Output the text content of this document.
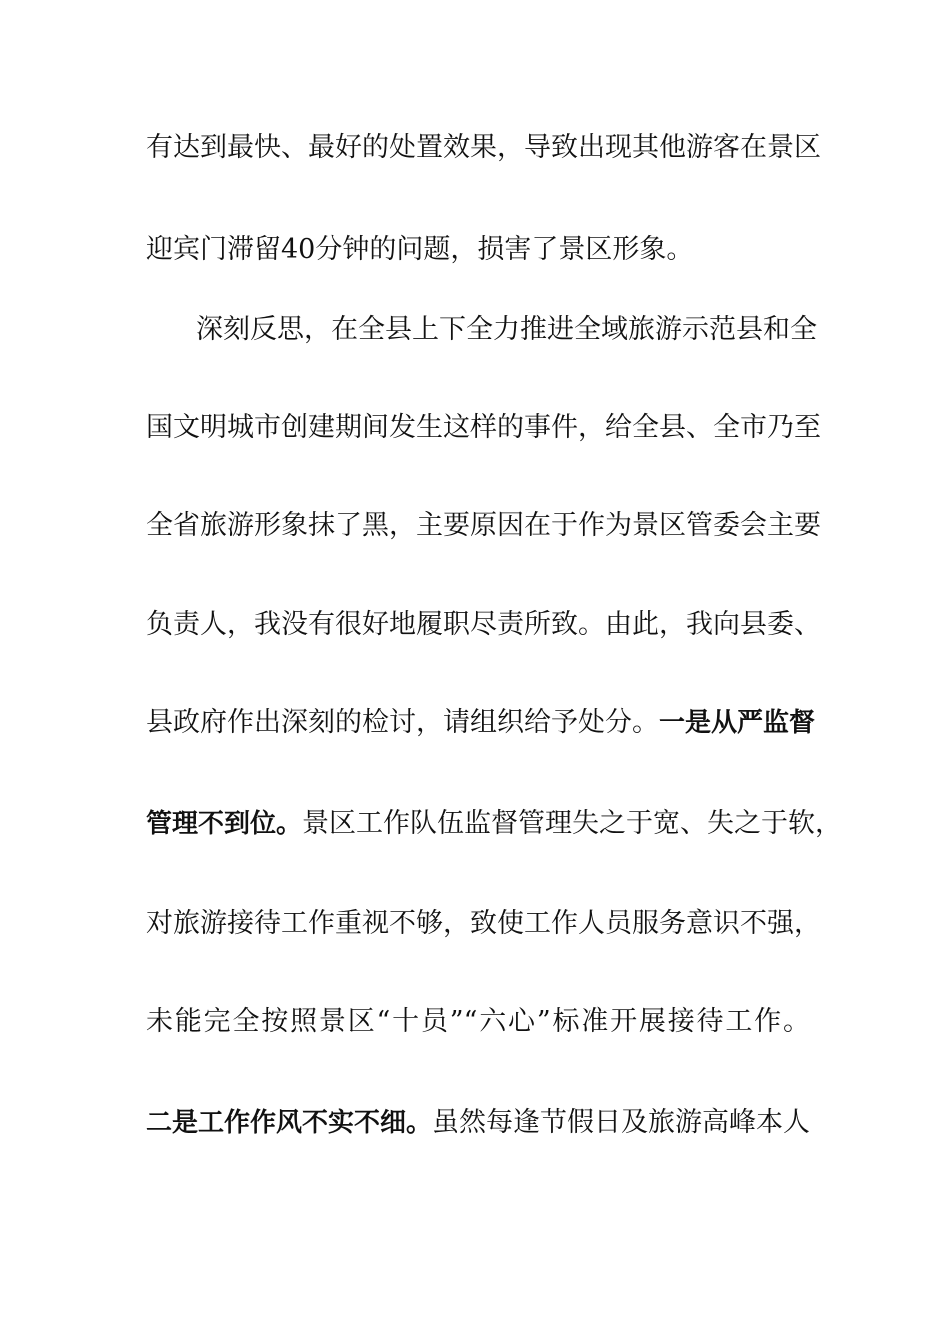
有达到最快、最好的处置效果，导致出现其他游客在景区
迎宾门滞留40分钟的问题，损害了景区形象。
深刻反思，在全县上下全力推进全域旅游示范县和全
国文明城市创建期间发生这样的事件，给全县、全市乃至
全省旅游形象抹了黑，主要原因在于作为景区管委会主要
负责人，我没有很好地履职尽责所致。由此，我向县委、
县政府作出深刻的检讨，请组织给予处分。一是从严监督
管理不到位。景区工作队伍监督管理失之于宽、失之于软，
对旅游接待工作重视不够，致使工作人员服务意识不强，
未能完全按照景区“十员”“六心”标准开展接待工作。
二是工作作风不实不细。虽然每逢节假日及旅游高峰本人
